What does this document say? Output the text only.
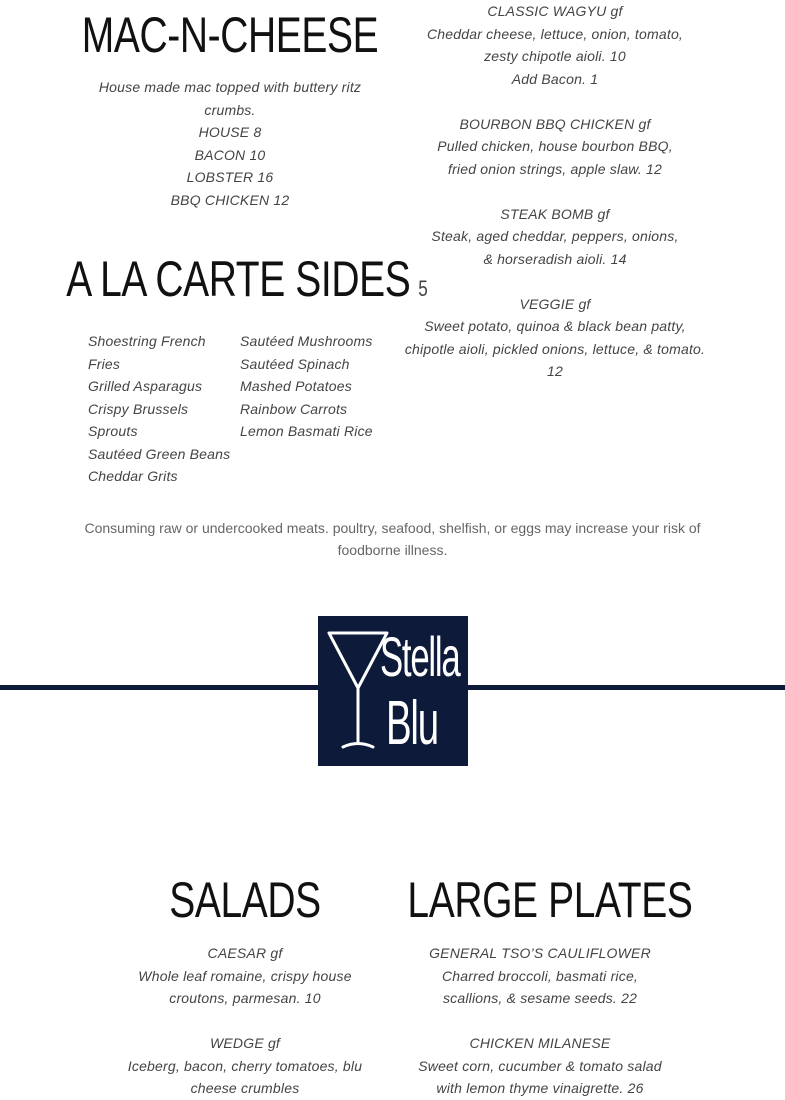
MAC-N-CHEESE
House made mac topped with buttery ritz
crumbs.
HOUSE 8
BACON 10
LOBSTER 16
BBQ CHICKEN 12
CLASSIC WAGYU gf
Cheddar cheese, lettuce, onion, tomato,
zesty chipotle aioli. 10
Add Bacon. 1
BOURBON BBQ CHICKEN gf
Pulled chicken, house bourbon BBQ,
fried onion strings, apple slaw. 12
STEAK BOMB gf
Steak, aged cheddar, peppers, onions,
& horseradish aioli. 14
VEGGIE gf
Sweet potato, quinoa & black bean patty,
chipotle aioli, pickled onions, lettuce, & tomato.
12
A LA CARTE SIDES 5
Shoestring French
Fries
Grilled Asparagus
Crispy Brussels
Sprouts
Sautéed Green Beans
Cheddar Grits
Sautéed Mushrooms
Sautéed Spinach
Mashed Potatoes
Rainbow Carrots
Lemon Basmati Rice
Consuming raw or undercooked meats. poultry, seafood, shelfish, or eggs may increase your risk of
foodborne illness.
Stella
Blu
SALADS
CAESAR gf
Whole leaf romaine, crispy house
croutons, parmesan. 10
WEDGE gf
Iceberg, bacon, cherry tomatoes, blu
cheese crumbles
LARGE PLATES
GENERAL TSO’S CAULIFLOWER
Charred broccoli, basmati rice,
scallions, & sesame seeds. 22
CHICKEN MILANESE
Sweet corn, cucumber & tomato salad
with lemon thyme vinaigrette. 26
